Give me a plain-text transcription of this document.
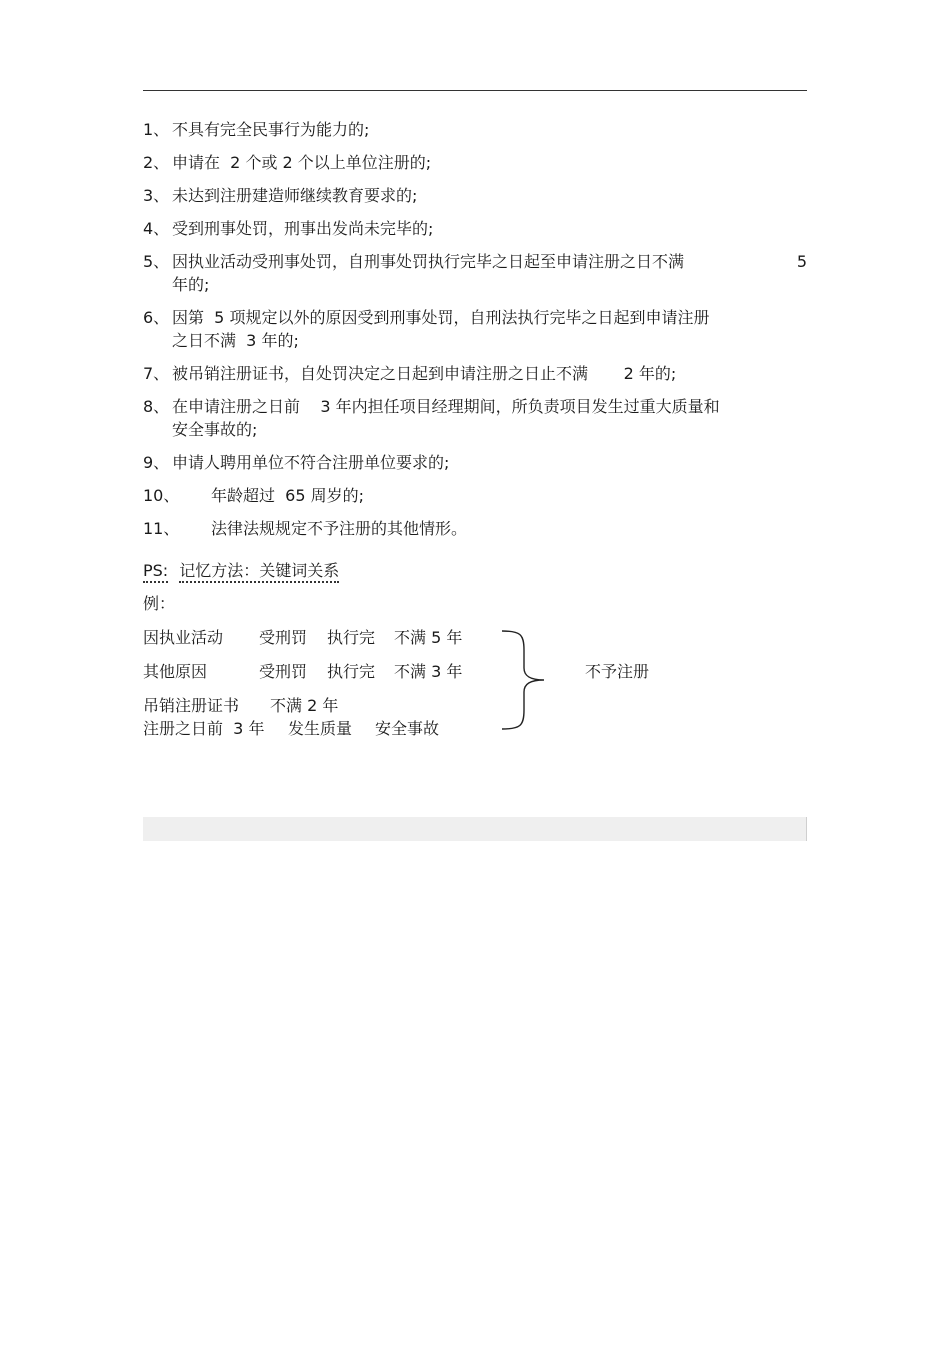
1、 不具有完全民事行为能力的;
2、 申请在  2 个或 2 个以上单位注册的;
3、 未达到注册建造师继续教育要求的;
4、 受到刑事处罚，刑事出发尚未完毕的;
5、 因执业活动受刑事处罚，自刑事处罚执行完毕之日起至申请注册之日不满	5
年的;
6、 因第  5 项规定以外的原因受到刑事处罚，自刑法执行完毕之日起到申请注册
之日不满  3 年的;
7、 被吊销注册证书，自处罚决定之日起到申请注册之日止不满       2 年的;
8、 在申请注册之日前    3 年内担任项目经理期间，所负责项目发生过重大质量和
安全事故的;
9、 申请人聘用单位不符合注册单位要求的;
10、	年龄超过  65 周岁的;
11、	法律法规规定不予注册的其他情形。
PS: 记忆方法：关键词关系
例：
因执业活动 受刑罚 执行完 不满 5 年
其他原因	受刑罚 执行完 不满 3 年
吊销注册证书 不满 2 年
注册之日前  3 年 发生质量 安全事故
不予注册
